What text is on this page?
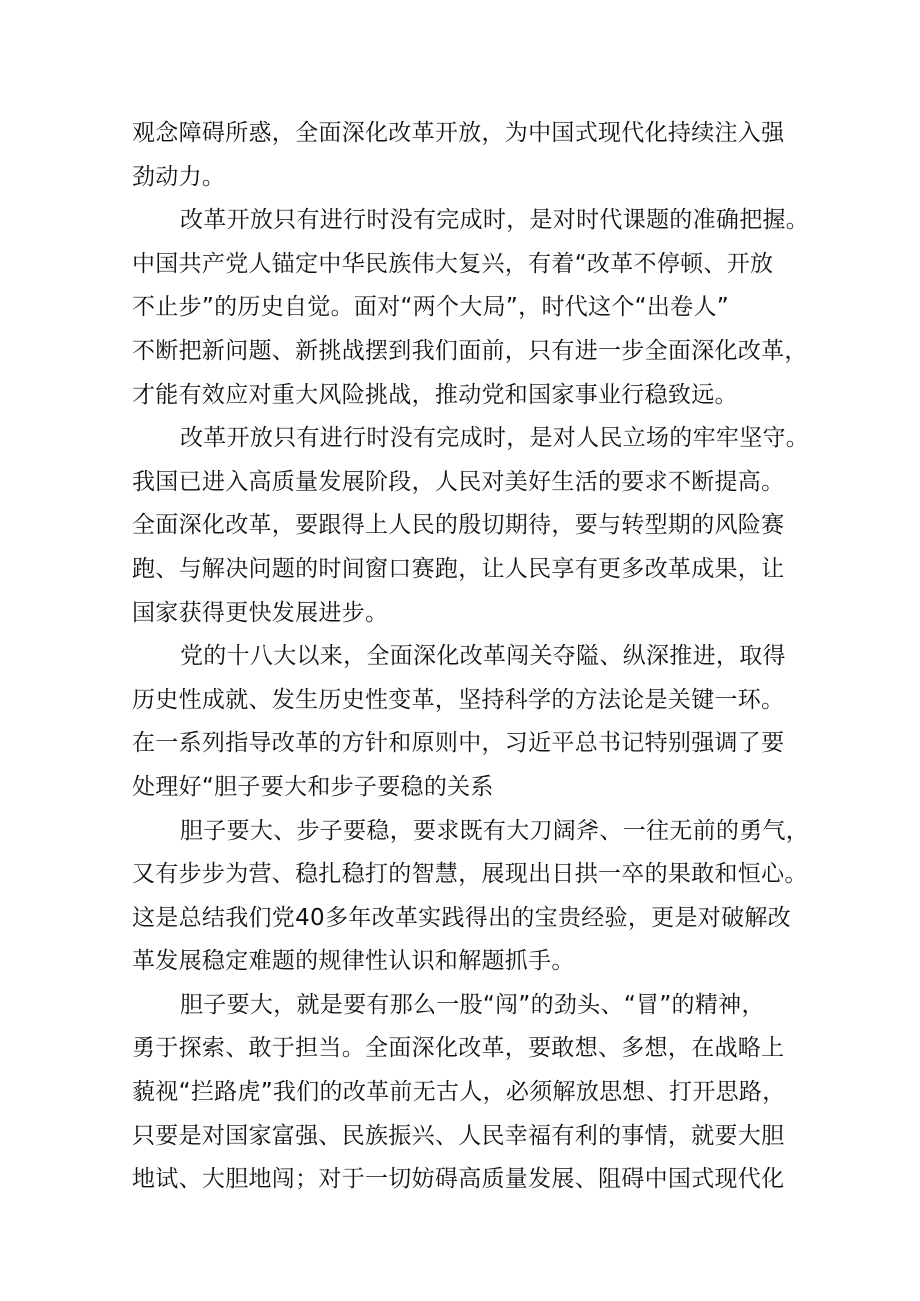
观念障碍所惑，全面深化改革开放，为中国式现代化持续注入强
劲动力。
改革开放只有进行时没有完成时，是对时代课题的准确把握。
中国共产党人锚定中华民族伟大复兴，有着“改革不停顿、开放
不止步”的历史自觉。面对“两个大局”，时代这个“出卷人”
不断把新问题、新挑战摆到我们面前，只有进一步全面深化改革，
才能有效应对重大风险挑战，推动党和国家事业行稳致远。
改革开放只有进行时没有完成时，是对人民立场的牢牢坚守。
我国已进入高质量发展阶段，人民对美好生活的要求不断提高。
全面深化改革，要跟得上人民的殷切期待，要与转型期的风险赛
跑、与解决问题的时间窗口赛跑，让人民享有更多改革成果，让
国家获得更快发展进步。
党的十八大以来，全面深化改革闯关夺隘、纵深推进，取得
历史性成就、发生历史性变革，坚持科学的方法论是关键一环。
在一系列指导改革的方针和原则中，习近平总书记特别强调了要
处理好“胆子要大和步子要稳的关系
胆子要大、步子要稳，要求既有大刀阔斧、一往无前的勇气，
又有步步为营、稳扎稳打的智慧，展现出日拱一卒的果敢和恒心。
这是总结我们党40多年改革实践得出的宝贵经验，更是对破解改
革发展稳定难题的规律性认识和解题抓手。
胆子要大，就是要有那么一股“闯”的劲头、“冒”的精神，
勇于探索、敢于担当。全面深化改革，要敢想、多想，在战略上
藐视“拦路虎”我们的改革前无古人，必须解放思想、打开思路，
只要是对国家富强、民族振兴、人民幸福有利的事情，就要大胆
地试、大胆地闯；对于一切妨碍高质量发展、阻碍中国式现代化
